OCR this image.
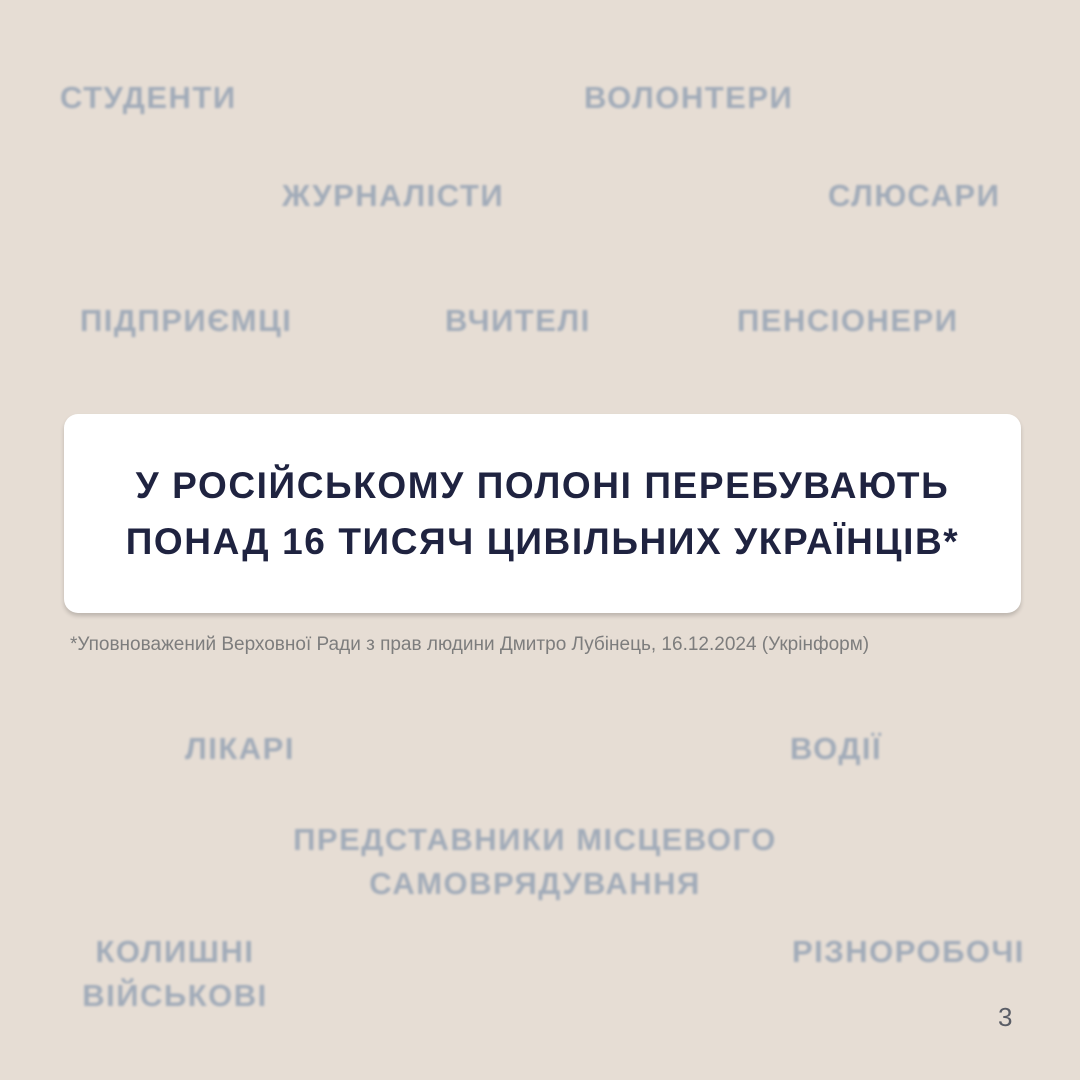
СТУДЕНТИ	ВОЛОНТЕРИ
ЖУРНАЛІСТИ	СЛЮСАРИ
ПІДПРИЄМЦІ	ВЧИТЕЛІ	ПЕНСІОНЕРИ
У РОСІЙСЬКОМУ ПОЛОНІ ПЕРЕБУВАЮТЬ
ПОНАД 16 ТИСЯЧ ЦИВІЛЬНИХ УКРАЇНЦІВ*
*Уповноважений Верховної Ради з прав людини Дмитро Лубінець, 16.12.2024 (Укрінформ)
ЛІКАРІ	ВОДІЇ
ПРЕДСТАВНИКИ МІСЦЕВОГО
САМОВРЯДУВАННЯ
КОЛИШНІ
ВІЙСЬКОВІ
РІЗНОРОБОЧІ
3
